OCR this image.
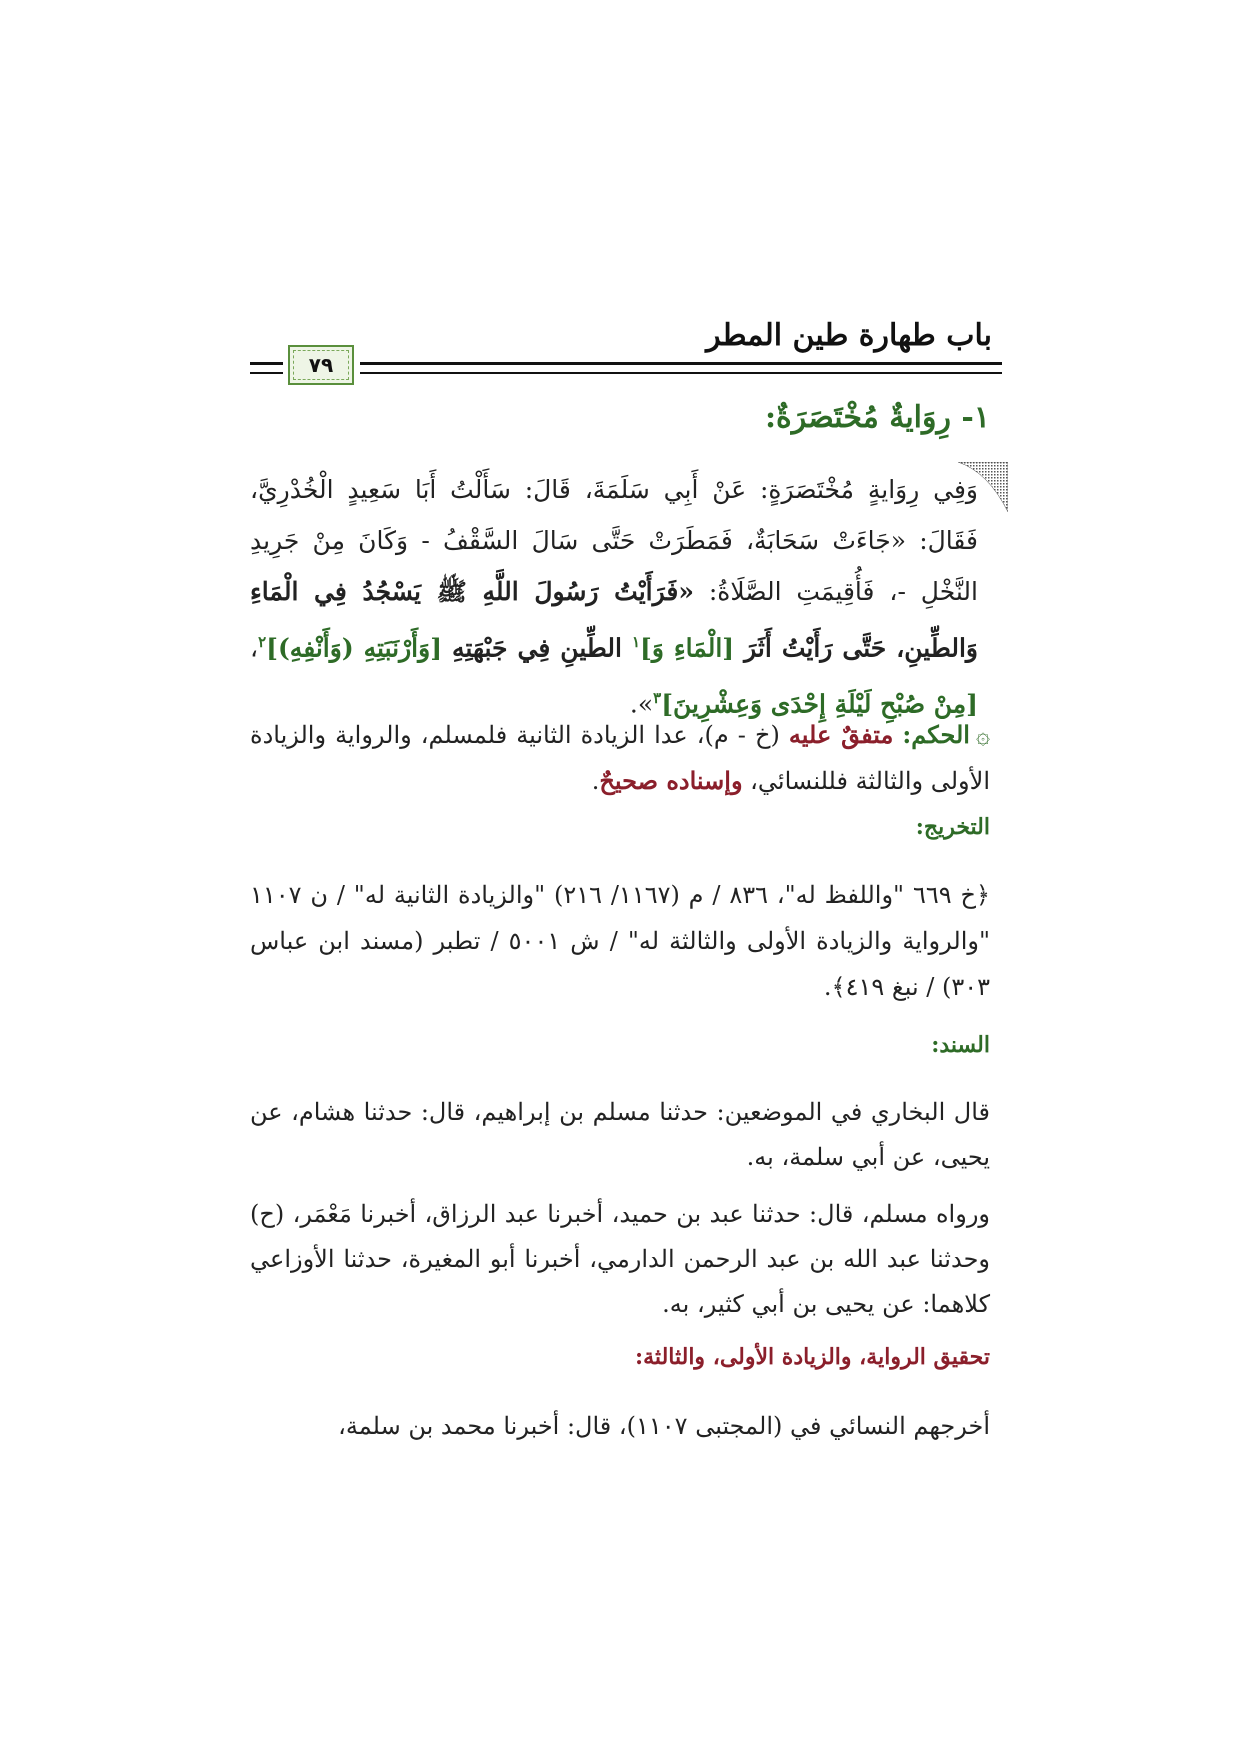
باب طهارة طين المطر
٧٩
١- رِوَايةٌ مُخْتَصَرَةٌ:
وَفِي رِوَايةٍ مُخْتَصَرَةٍ: عَنْ أَبِي سَلَمَةَ، قَالَ: سَأَلْتُ أَبَا سَعِيدٍ الْخُدْرِيَّ، فَقَالَ: «جَاءَتْ سَحَابَةٌ، فَمَطَرَتْ حَتَّى سَالَ السَّقْفُ - وَكَانَ مِنْ جَرِيدِ النَّخْلِ -، فَأُقِيمَتِ الصَّلَاةُ: «فَرَأَيْتُ رَسُولَ اللَّهِ ﷺ يَسْجُدُ فِي الْمَاءِ وَالطِّينِ، حَتَّى رَأَيْتُ أَثَرَ [الْمَاءِ وَ]$^١$ الطِّينِ فِي جَبْهَتِهِ [وَأَرْنَبَتِهِ (وَأَنْفِهِ)]$^٢$، [مِنْ صُبْحِ لَيْلَةِ إِحْدَى وَعِشْرِينَ]$^٣$».
۞الحكم: متفقٌ عليه (خ - م)، عدا الزيادة الثانية فلمسلم، والرواية والزيادة الأولى والثالثة فللنسائي، وإسناده صحيحٌ.
التخريج:
﴿خ ٦٦٩ "واللفظ له"، ٨٣٦ / م (١١٦٧/ ٢١٦) "والزيادة الثانية له" / ن ١١٠٧ "والرواية والزيادة الأولى والثالثة له" / ش ٥٠٠١ / تطبر (مسند ابن عباس ٣٠٣) / نبغ ٤١٩﴾.
السند:
قال البخاري في الموضعين: حدثنا مسلم بن إبراهيم، قال: حدثنا هشام، عن يحيى، عن أبي سلمة، به.
ورواه مسلم، قال: حدثنا عبد بن حميد، أخبرنا عبد الرزاق، أخبرنا مَعْمَر، (ح) وحدثنا عبد الله بن عبد الرحمن الدارمي، أخبرنا أبو المغيرة، حدثنا الأوزاعي كلاهما: عن يحيى بن أبي كثير، به.
تحقيق الرواية، والزيادة الأولى، والثالثة:
أخرجهم النسائي في (المجتبى ١١٠٧)، قال: أخبرنا محمد بن سلمة،
